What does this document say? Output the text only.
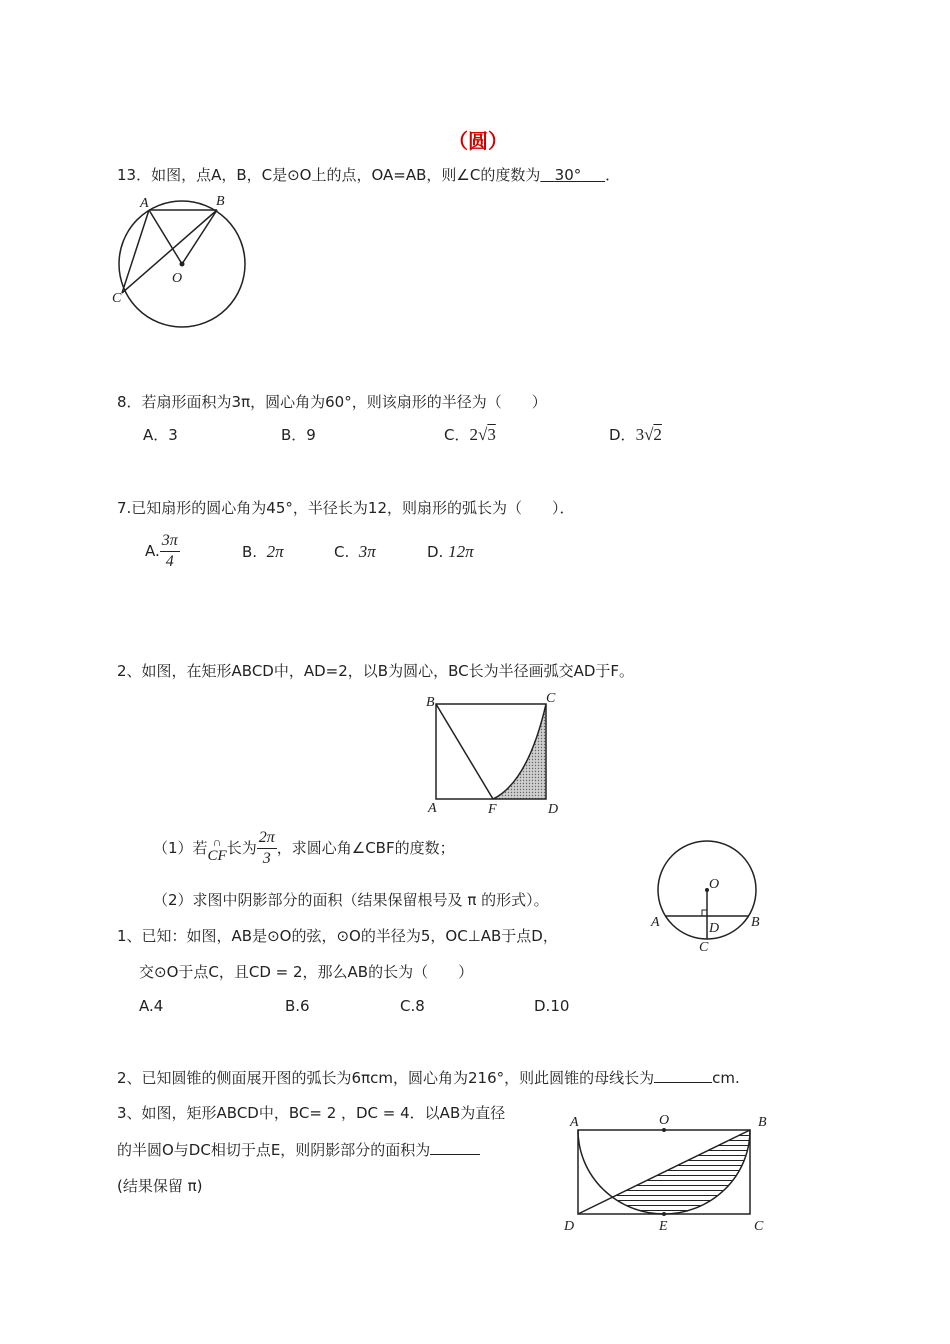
（圆）
13．如图，点A，B，C是⊙O上的点，OA=AB，则∠C的度数为 30° ．
A	B
C
O
8．若扇形面积为3π，圆心角为60°，则该扇形的半径为（　　）
A．3	B．9	C．2√3	D．3√2
7.已知扇形的圆心角为45°，半径长为12，则扇形的弧长为（　　）．
A. $\frac{3\pi}{4}$	B. 2π	C. 3π	D. 12π
2、如图，在矩形ABCD中，AD=2，以B为圆心，BC长为半径画弧交AD于F。
B	C
A	F	D
（1）若 ∩
CF 长为 $\frac{2\pi}{3}$ ，求圆心角∠CBF的度数；
（2）求图中阴影部分的面积（结果保留根号及 π 的形式）。
O
A	B
D
C
1、已知：如图，AB是⊙O的弦，⊙O的半径为5，OC⊥AB于点D，
交⊙O于点C，且CD = 2，那么AB的长为（　　）
A.4	B.6	C.8	D.10
2、已知圆锥的侧面展开图的弧长为6πcm，圆心角为216°，则此圆锥的母线长为	cm.
3、如图，矩形ABCD中，BC= 2 ，DC = 4．以AB为直径
的半圆O与DC相切于点E，则阴影部分的面积为
(结果保留 π)
A	O	B
D	E	C
